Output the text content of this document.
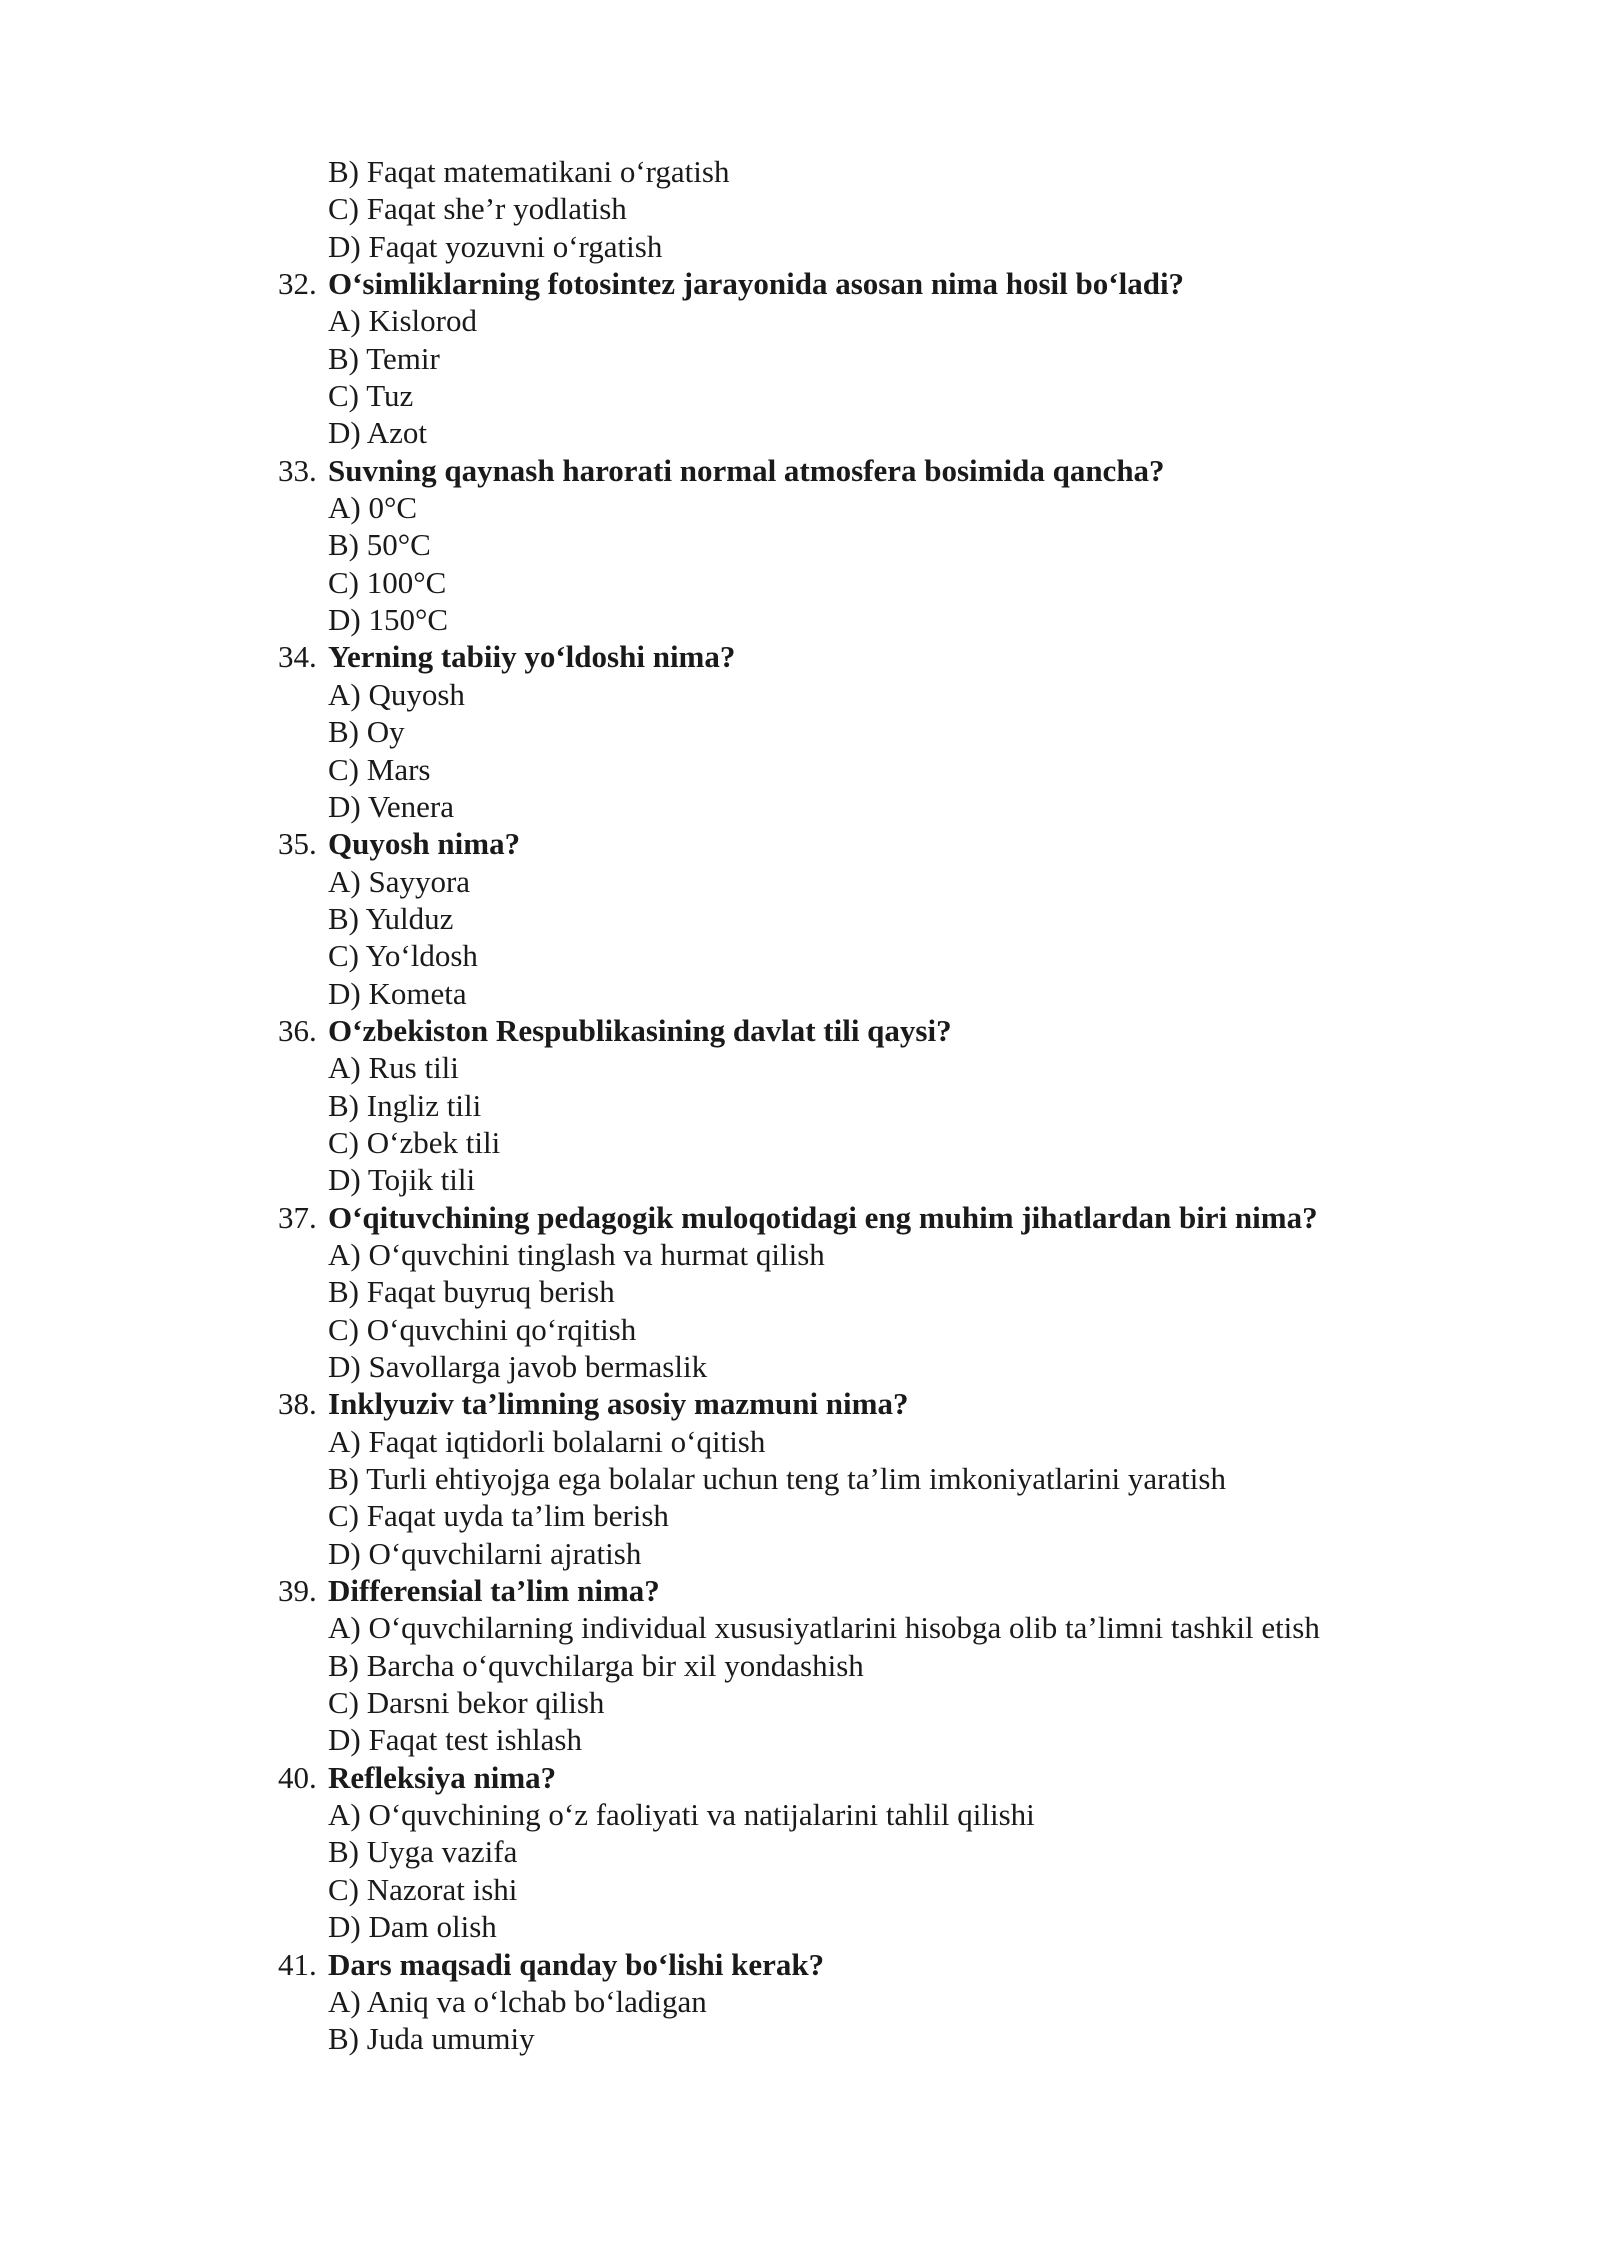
B) Faqat matematikani o‘rgatish
C) Faqat she’r yodlatish
D) Faqat yozuvni o‘rgatish
32. O‘simliklarning fotosintez jarayonida asosan nima hosil bo‘ladi?
A) Kislorod
B) Temir
C) Tuz
D) Azot
33. Suvning qaynash harorati normal atmosfera bosimida qancha?
A) 0°C
B) 50°C
C) 100°C
D) 150°C
34. Yerning tabiiy yo‘ldoshi nima?
A) Quyosh
B) Oy
C) Mars
D) Venera
35. Quyosh nima?
A) Sayyora
B) Yulduz
C) Yo‘ldosh
D) Kometa
36. O‘zbekiston Respublikasining davlat tili qaysi?
A) Rus tili
B) Ingliz tili
C) O‘zbek tili
D) Tojik tili
37. O‘qituvchining pedagogik muloqotidagi eng muhim jihatlardan biri nima?
A) O‘quvchini tinglash va hurmat qilish
B) Faqat buyruq berish
C) O‘quvchini qo‘rqitish
D) Savollarga javob bermaslik
38. Inklyuziv ta’limning asosiy mazmuni nima?
A) Faqat iqtidorli bolalarni o‘qitish
B) Turli ehtiyojga ega bolalar uchun teng ta’lim imkoniyatlarini yaratish
C) Faqat uyda ta’lim berish
D) O‘quvchilarni ajratish
39. Differensial ta’lim nima?
A) O‘quvchilarning individual xususiyatlarini hisobga olib ta’limni tashkil etish
B) Barcha o‘quvchilarga bir xil yondashish
C) Darsni bekor qilish
D) Faqat test ishlash
40. Refleksiya nima?
A) O‘quvchining o‘z faoliyati va natijalarini tahlil qilishi
B) Uyga vazifa
C) Nazorat ishi
D) Dam olish
41. Dars maqsadi qanday bo‘lishi kerak?
A) Aniq va o‘lchab bo‘ladigan
B) Juda umumiy
